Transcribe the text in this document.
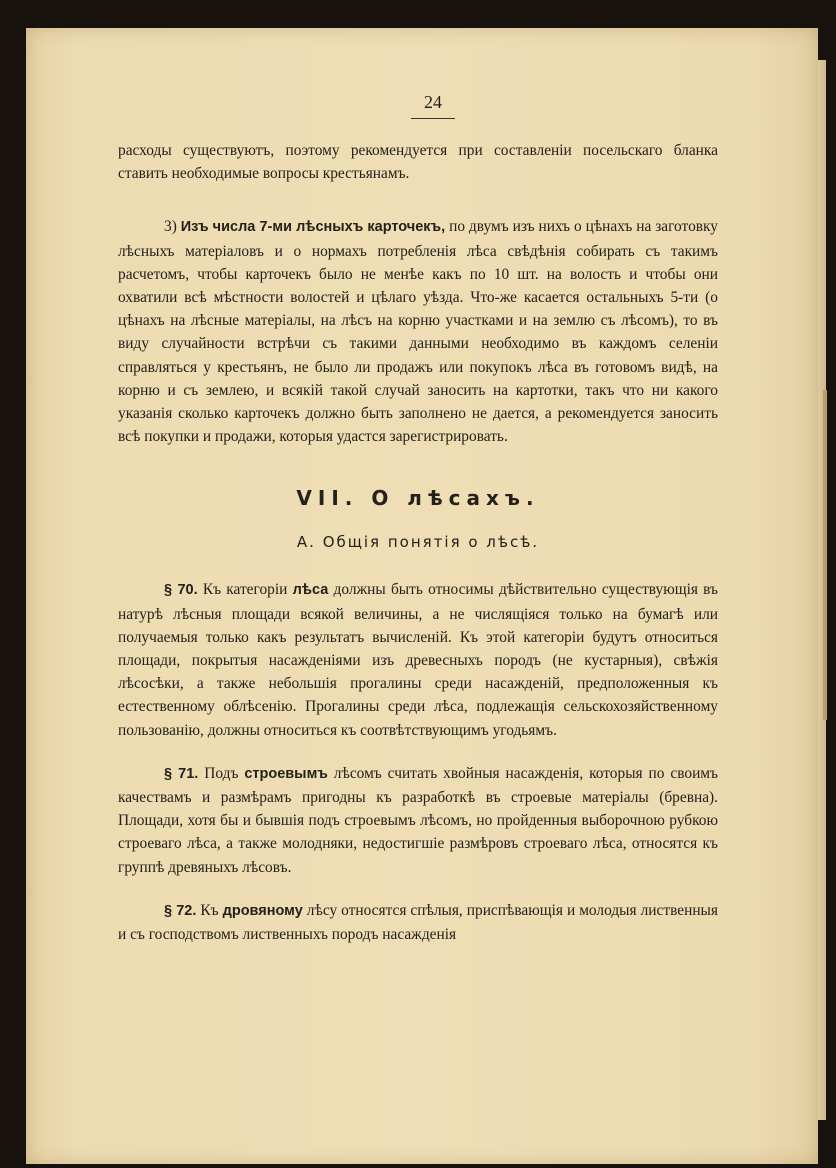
24

расходы существуютъ, поэтому рекомендуется при составленіи посельскаго бланка ставить необходимые вопросы крестьянамъ.

3) Изъ числа 7-ми лѣсныхъ карточекъ, по двумъ изъ нихъ о цѣнахъ на заготовку лѣсныхъ матеріаловъ и о нормахъ потребленія лѣса свѣдѣнія собирать съ такимъ расчетомъ, чтобы карточекъ было не менѣе какъ по 10 шт. на волость и чтобы они охватили всѣ мѣстности волостей и цѣлаго уѣзда. Что-же касается остальныхъ 5-ти (о цѣнахъ на лѣсные матеріалы, на лѣсъ на корню участками и на землю съ лѣсомъ), то въ виду случайности встрѣчи съ такими данными необходимо въ каждомъ селеніи справляться у крестьянъ, не было ли продажъ или покупокъ лѣса въ готовомъ видѣ, на корню и съ землею, и всякій такой случай заносить на картотки, такъ что ни какого указанія сколько карточекъ должно быть заполнено не дается, а рекомендуется заносить всѣ покупки и продажи, которыя удастся зарегистрировать.

VII. О лѣсахъ.
А. Общія понятія о лѣсѣ.

§ 70. Къ категоріи лѣса должны быть относимы дѣйствительно существующія въ натурѣ лѣсныя площади всякой величины, а не числящіяся только на бумагѣ или получаемыя только какъ результатъ вычисленій. Къ этой категоріи будутъ относиться площади, покрытыя насажденіями изъ древесныхъ породъ (не кустарныя), свѣжія лѣсосѣки, а также небольшія прогалины среди насажденій, предположенныя къ естественному облѣсенію. Прогалины среди лѣса, подлежащія сельскохозяйственному пользованію, должны относиться къ соотвѣтствующимъ угодьямъ.

§ 71. Подъ строевымъ лѣсомъ считать хвойныя насажденія, которыя по своимъ качествамъ и размѣрамъ пригодны къ разработкѣ въ строевые матеріалы (бревна). Площади, хотя бы и бывшія подъ строевымъ лѣсомъ, но пройденныя выборочною рубкою строеваго лѣса, а также молодняки, недостигшіе размѣровъ строеваго лѣса, относятся къ группѣ древяныхъ лѣсовъ.

§ 72. Къ дровяному лѣсу относятся спѣлыя, приспѣвающія и молодыя лиственныя и съ господствомъ лиственныхъ породъ насажденія
